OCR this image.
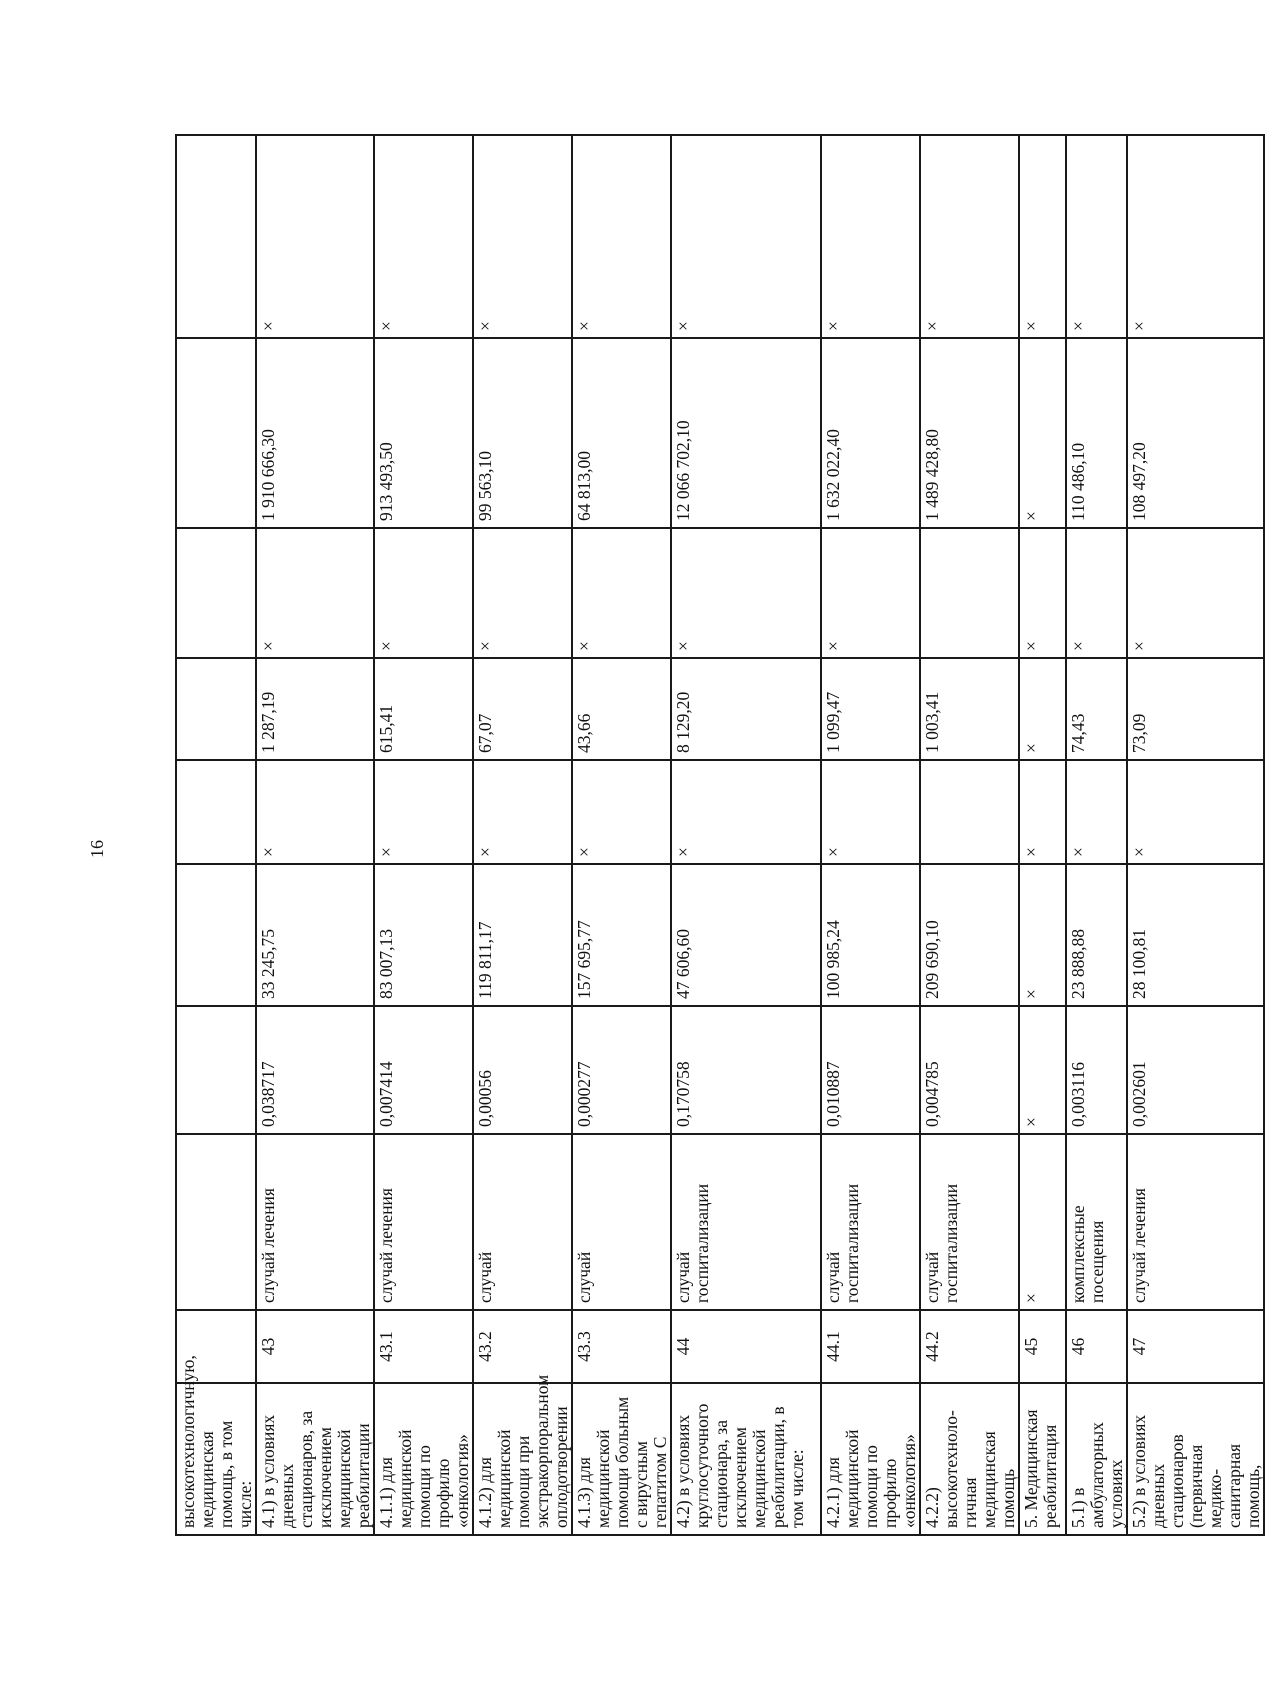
16
высокотехнологичную, медицинская помощь, в том числе:									
4.1) в условиях дневных стационаров, за исключением медицинской реабилитации	43	случай лечения	0,038717	33 245,75	×	1 287,19	×	1 910 666,30	×
4.1.1) для медицинской помощи по профилю «онкология»	43.1	случай лечения	0,007414	83 007,13	×	615,41	×	913 493,50	×
4.1.2) для медицинской помощи при экстракорпоральном оплодотворении	43.2	случай	0,00056	119 811,17	×	67,07	×	99 563,10	×
4.1.3) для медицинской помощи больным с вирусным гепатитом С	43.3	случай	0,000277	157 695,77	×	43,66	×	64 813,00	×
4.2) в условиях круглосуточного стационара, за исключением медицинской реабилитации, в том числе:	44	случай госпитализации	0,170758	47 606,60	×	8 129,20	×	12 066 702,10	×
4.2.1) для медицинской помощи по профилю «онкология»	44.1	случай госпитализации	0,010887	100 985,24	×	1 099,47	×	1 632 022,40	×
4.2.2) высокотехноло-гичная медицинская помощь	44.2	случай госпитализации	0,004785	209 690,10		1 003,41		1 489 428,80	×
5. Медицинская реабилитация	45	×	×	×	×	×	×	×	×
5.1) в амбулаторных условиях	46	комплексные посещения	0,003116	23 888,88	×	74,43	×	110 486,10	×
5.2) в условиях дневных стационаров (первичная медико-санитарная помощь,	47	случай лечения	0,002601	28 100,81	×	73,09	×	108 497,20	×
